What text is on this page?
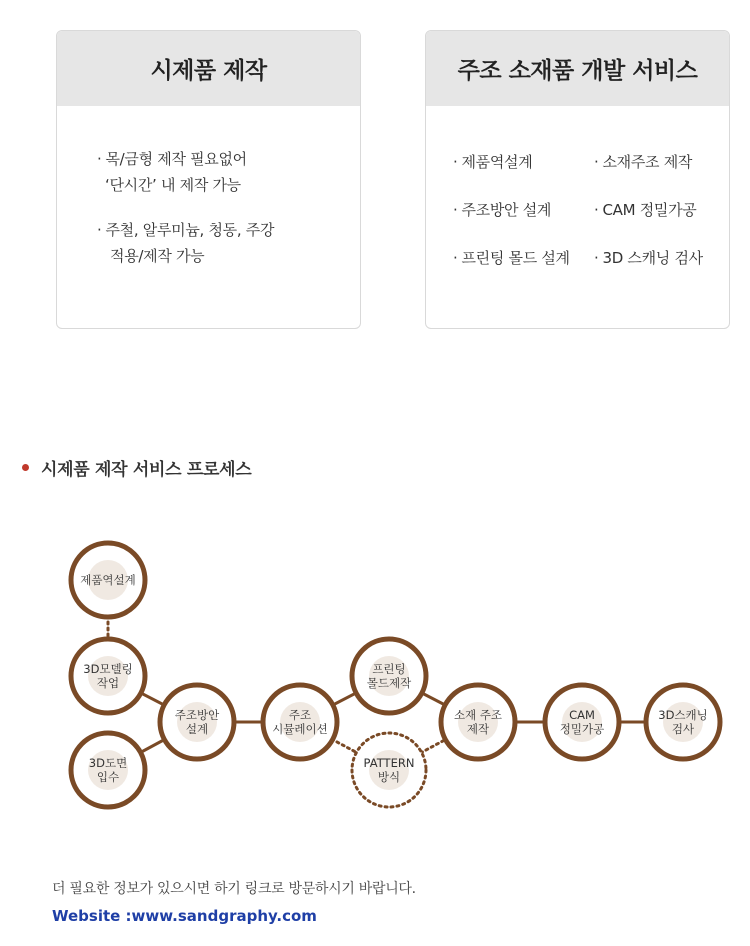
시제품 제작
· 목/금형 제작 필요없어
‘단시간’ 내 제작 가능
· 주철, 알루미늄, 청동, 주강
적용/제작 가능
주조 소재품 개발 서비스
· 제품역설계
· 주조방안 설계
· 프린팅 몰드 설계
· 소재주조 제작
· CAM 정밀가공
· 3D 스캐닝 검사
시제품 제작 서비스 프로세스
제품역설계
3D모델링
작업
3D도면
입수
주조방안
설계
주조
시뮬레이션
프린팅
몰드제작
PATTERN
방식
소재 주조
제작
CAM
정밀가공
3D스캐닝
검사
더 필요한 정보가 있으시면 하기 링크로 방문하시기 바랍니다.
Website :www.sandgraphy.com
